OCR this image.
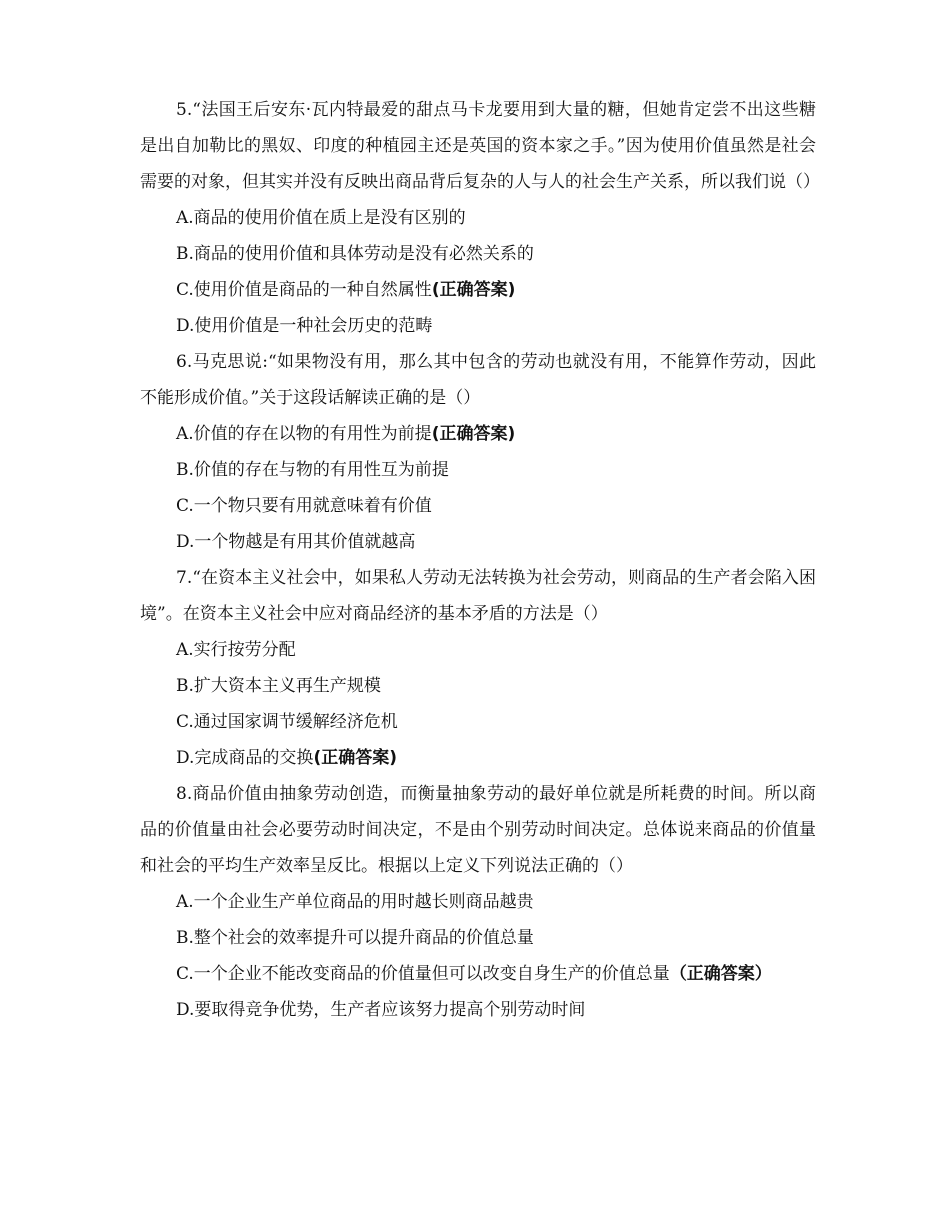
5.“法国王后安东·瓦内特最爱的甜点马卡龙要用到大量的糖，但她肯定尝不出这些糖是出自加勒比的黑奴、印度的种植园主还是英国的资本家之手。”因为使用价值虽然是社会需要的对象，但其实并没有反映出商品背后复杂的人与人的社会生产关系，所以我们说（）

A.商品的使用价值在质上是没有区别的

B.商品的使用价值和具体劳动是没有必然关系的

C.使用价值是商品的一种自然属性(正确答案)

D.使用价值是一种社会历史的范畴

6.马克思说:“如果物没有用，那么其中包含的劳动也就没有用，不能算作劳动，因此不能形成价值。”关于这段话解读正确的是（）

A.价值的存在以物的有用性为前提(正确答案)

B.价值的存在与物的有用性互为前提

C.一个物只要有用就意味着有价值

D.一个物越是有用其价值就越高

7.“在资本主义社会中，如果私人劳动无法转换为社会劳动，则商品的生产者会陷入困境”。在资本主义社会中应对商品经济的基本矛盾的方法是（）

A.实行按劳分配

B.扩大资本主义再生产规模

C.通过国家调节缓解经济危机

D.完成商品的交换(正确答案)

8.商品价值由抽象劳动创造，而衡量抽象劳动的最好单位就是所耗费的时间。所以商品的价值量由社会必要劳动时间决定，不是由个别劳动时间决定。总体说来商品的价值量和社会的平均生产效率呈反比。根据以上定义下列说法正确的（）

A.一个企业生产单位商品的用时越长则商品越贵

B.整个社会的效率提升可以提升商品的价值总量

C.一个企业不能改变商品的价值量但可以改变自身生产的价值总量（正确答案）

D.要取得竞争优势，生产者应该努力提高个别劳动时间
